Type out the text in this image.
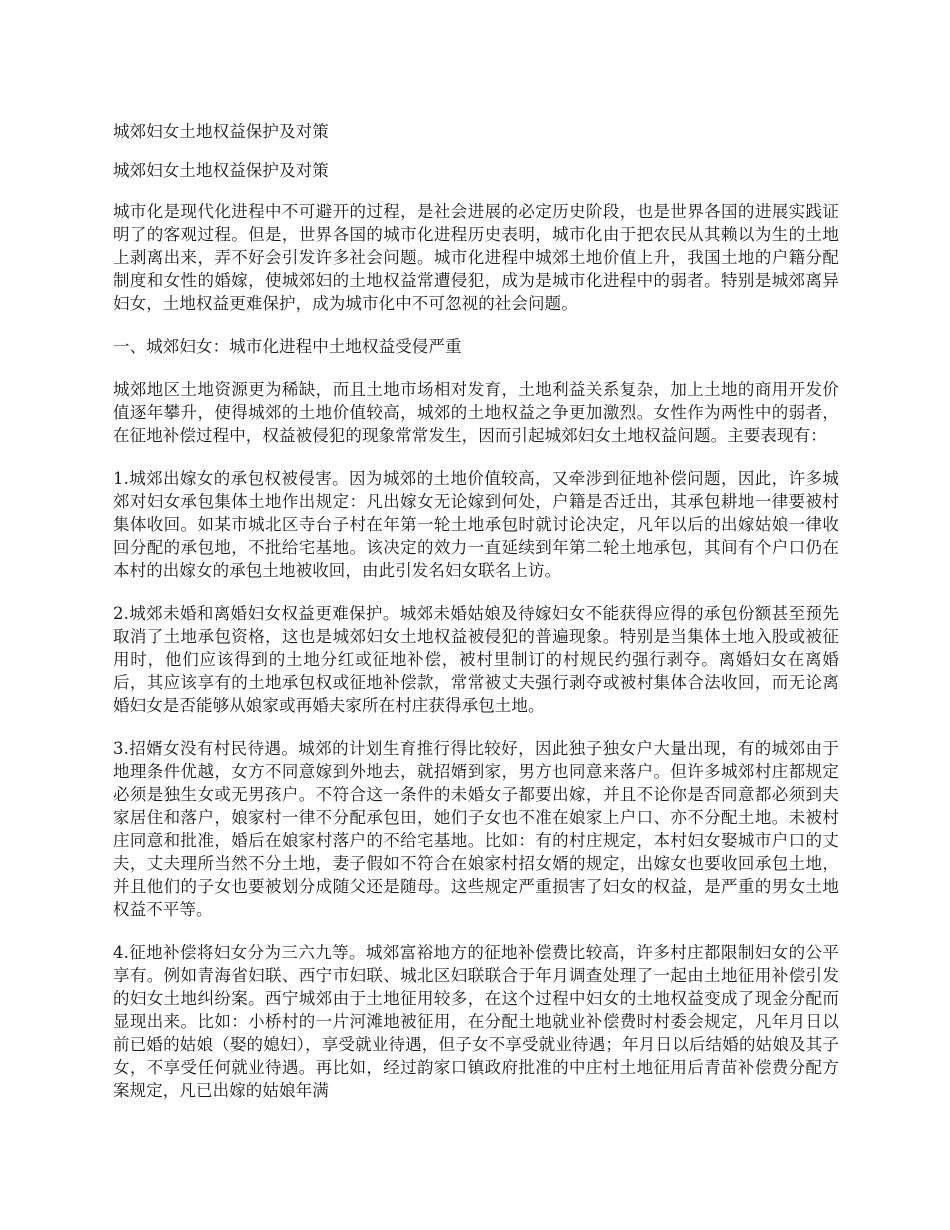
城郊妇女土地权益保护及对策

城郊妇女土地权益保护及对策

城市化是现代化进程中不可避开的过程，是社会进展的必定历史阶段，也是世界各国的进展实践证明了的客观过程。但是，世界各国的城市化进程历史表明，城市化由于把农民从其赖以为生的土地上剥离出来，弄不好会引发许多社会问题。城市化进程中城郊土地价值上升，我国土地的户籍分配制度和女性的婚嫁，使城郊妇的土地权益常遭侵犯，成为是城市化进程中的弱者。特别是城郊离异妇女，土地权益更难保护，成为城市化中不可忽视的社会问题。

一、城郊妇女：城市化进程中土地权益受侵严重

城郊地区土地资源更为稀缺，而且土地市场相对发育，土地利益关系复杂，加上土地的商用开发价值逐年攀升，使得城郊的土地价值较高，城郊的土地权益之争更加激烈。女性作为两性中的弱者，在征地补偿过程中，权益被侵犯的现象常常发生，因而引起城郊妇女土地权益问题。主要表现有：

1.城郊出嫁女的承包权被侵害。因为城郊的土地价值较高，又牵涉到征地补偿问题，因此，许多城郊对妇女承包集体土地作出规定：凡出嫁女无论嫁到何处，户籍是否迁出，其承包耕地一律要被村集体收回。如某市城北区寺台子村在年第一轮土地承包时就讨论决定，凡年以后的出嫁姑娘一律收回分配的承包地，不批给宅基地。该决定的效力一直延续到年第二轮土地承包，其间有个户口仍在本村的出嫁女的承包土地被收回，由此引发名妇女联名上访。

2.城郊未婚和离婚妇女权益更难保护。城郊未婚姑娘及待嫁妇女不能获得应得的承包份额甚至预先取消了土地承包资格，这也是城郊妇女土地权益被侵犯的普遍现象。特别是当集体土地入股或被征用时，他们应该得到的土地分红或征地补偿，被村里制订的村规民约强行剥夺。离婚妇女在离婚后，其应该享有的土地承包权或征地补偿款，常常被丈夫强行剥夺或被村集体合法收回，而无论离婚妇女是否能够从娘家或再婚夫家所在村庄获得承包土地。

3.招婿女没有村民待遇。城郊的计划生育推行得比较好，因此独子独女户大量出现，有的城郊由于地理条件优越，女方不同意嫁到外地去，就招婿到家，男方也同意来落户。但许多城郊村庄都规定必须是独生女或无男孩户。不符合这一条件的未婚女子都要出嫁，并且不论你是否同意都必须到夫家居住和落户，娘家村一律不分配承包田，她们子女也不准在娘家上户口、亦不分配土地。未被村庄同意和批准，婚后在娘家村落户的不给宅基地。比如：有的村庄规定，本村妇女娶城市户口的丈夫，丈夫理所当然不分土地，妻子假如不符合在娘家村招女婿的规定，出嫁女也要收回承包土地，并且他们的子女也要被划分成随父还是随母。这些规定严重损害了妇女的权益，是严重的男女土地权益不平等。

4.征地补偿将妇女分为三六九等。城郊富裕地方的征地补偿费比较高，许多村庄都限制妇女的公平享有。例如青海省妇联、西宁市妇联、城北区妇联联合于年月调查处理了一起由土地征用补偿引发的妇女土地纠纷案。西宁城郊由于土地征用较多，在这个过程中妇女的土地权益变成了现金分配而显现出来。比如：小桥村的一片河滩地被征用，在分配土地就业补偿费时村委会规定，凡年月日以前已婚的姑娘（娶的媳妇），享受就业待遇，但子女不享受就业待遇；年月日以后结婚的姑娘及其子女，不享受任何就业待遇。再比如，经过韵家口镇政府批准的中庄村土地征用后青苗补偿费分配方案规定，凡已出嫁的姑娘年满
